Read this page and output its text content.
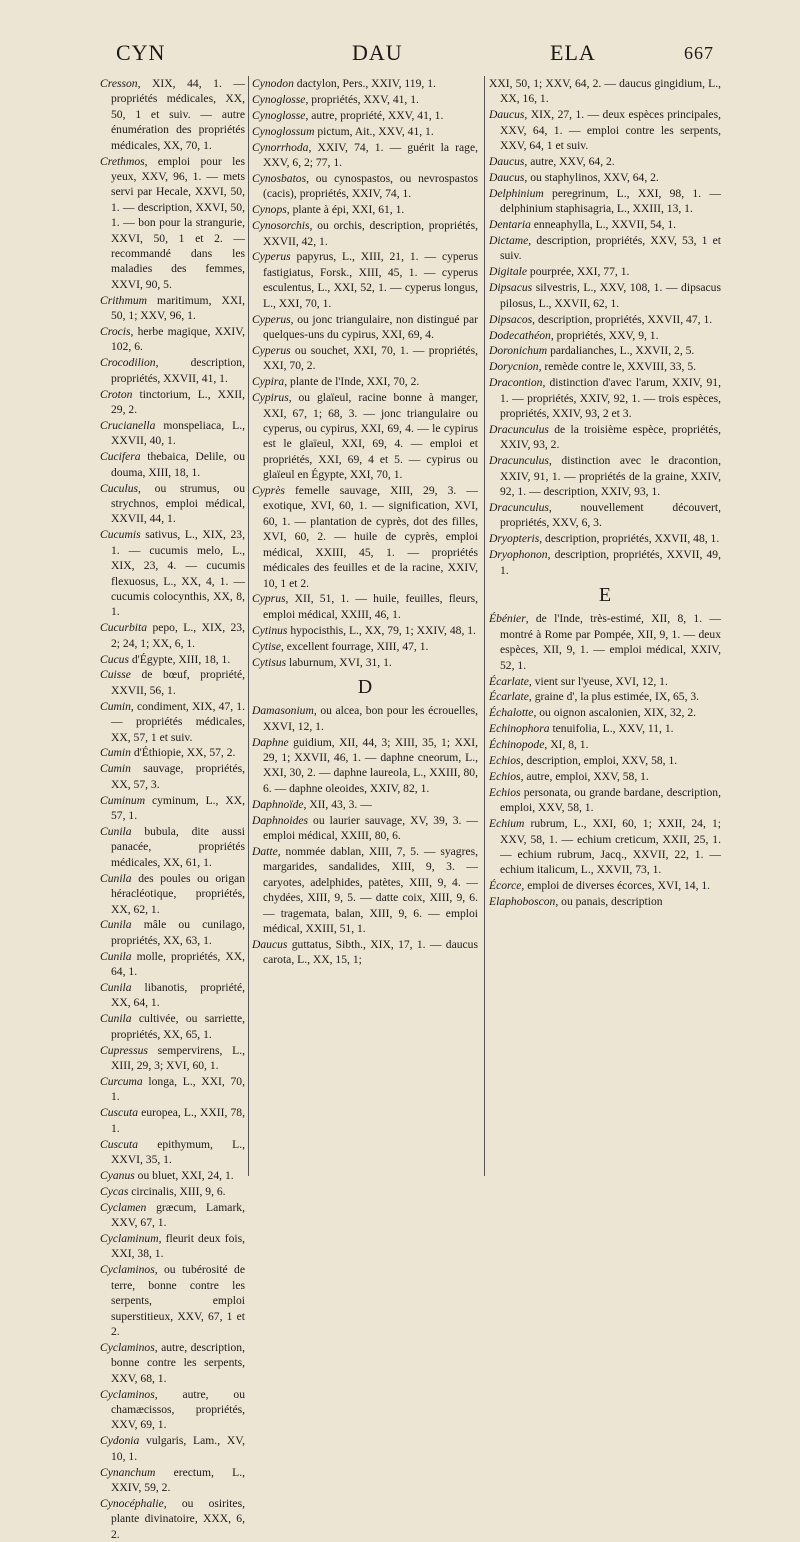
CYN	DAU	ELA	667
Cresson, XIX, 44, 1. — propriétés médicales, XX, 50, 1 et suiv. — autre énumération des propriétés médicales, XX, 70, 1.
Crethmos, emploi pour les yeux, XXV, 96, 1. — mets servi par Hecale, XXVI, 50, 1. — description, XXVI, 50, 1. — bon pour la strangurie, XXVI, 50, 1 et 2. — recommandé dans les maladies des femmes, XXVI, 90, 5.
Crithmum maritimum, XXI, 50, 1; XXV, 96, 1.
Crocis, herbe magique, XXIV, 102, 6.
Crocodilion, description, propriétés, XXVII, 41, 1.
Croton tinctorium, L., XXII, 29, 2.
Crucianella monspeliaca, L., XXVII, 40, 1.
Cucifera thebaica, Delile, ou douma, XIII, 18, 1.
Cuculus, ou strumus, ou strychnos, emploi médical, XXVII, 44, 1.
Cucumis sativus, L., XIX, 23, 1. — cucumis melo, L., XIX, 23, 4. — cucumis flexuosus, L., XX, 4, 1. — cucumis colocynthis, XX, 8, 1.
Cucurbita pepo, L., XIX, 23, 2; 24, 1; XX, 6, 1.
Cucus d'Égypte, XIII, 18, 1.
Cuisse de bœuf, propriété, XXVII, 56, 1.
Cumin, condiment, XIX, 47, 1. — propriétés médicales, XX, 57, 1 et suiv.
Cumin d'Éthiopie, XX, 57, 2.
Cumin sauvage, propriétés, XX, 57, 3.
Cuminum cyminum, L., XX, 57, 1.
Cunila bubula, dite aussi panacée, propriétés médicales, XX, 61, 1.
Cunila des poules ou origan héracléotique, propriétés, XX, 62, 1.
Cunila mâle ou cunilago, propriétés, XX, 63, 1.
Cunila molle, propriétés, XX, 64, 1.
Cunila libanotis, propriété, XX, 64, 1.
Cunila cultivée, ou sarriette, propriétés, XX, 65, 1.
Cupressus sempervirens, L., XIII, 29, 3; XVI, 60, 1.
Curcuma longa, L., XXI, 70, 1.
Cuscuta europea, L., XXII, 78, 1.
Cuscuta epithymum, L., XXVI, 35, 1.
Cyanus ou bluet, XXI, 24, 1.
Cycas circinalis, XIII, 9, 6.
Cyclamen græcum, Lamark, XXV, 67, 1.
Cyclaminum, fleurit deux fois, XXI, 38, 1.
Cyclaminos, ou tubérosité de terre, bonne contre les serpents, emploi superstitieux, XXV, 67, 1 et 2.
Cyclaminos, autre, description, bonne contre les serpents, XXV, 68, 1.
Cyclaminos, autre, ou chamæcissos, propriétés, XXV, 69, 1.
Cydonia vulgaris, Lam., XV, 10, 1.
Cynanchum erectum, L., XXIV, 59, 2.
Cynocéphalie, ou osirites, plante divinatoire, XXX, 6, 2.
Cynodon dactylon, Pers., XXIV, 119, 1.
Cynoglosse, propriétés, XXV, 41, 1.
Cynoglosse, autre, propriété, XXV, 41, 1.
Cynoglossum pictum, Ait., XXV, 41, 1.
Cynorrhoda, XXIV, 74, 1. — guérit la rage, XXV, 6, 2; 77, 1.
Cynosbatos, ou cynospastos, ou nevrospastos (cacis), propriétés, XXIV, 74, 1.
Cynops, plante à épi, XXI, 61, 1.
Cynosorchis, ou orchis, description, propriétés, XXVII, 42, 1.
Cyperus papyrus, L., XIII, 21, 1. — cyperus fastigiatus, Forsk., XIII, 45, 1. — cyperus esculentus, L., XXI, 52, 1. — cyperus longus, L., XXI, 70, 1.
Cyperus, ou jonc triangulaire, non distingué par quelques-uns du cypirus, XXI, 69, 4.
Cyperus ou souchet, XXI, 70, 1. — propriétés, XXI, 70, 2.
Cypira, plante de l'Inde, XXI, 70, 2.
Cypirus, ou glaïeul, racine bonne à manger, XXI, 67, 1; 68, 3. — jonc triangulaire ou cyperus, ou cypirus, XXI, 69, 4. — le cypirus est le glaïeul, XXI, 69, 4. — emploi et propriétés, XXI, 69, 4 et 5. — cypirus ou glaïeul en Égypte, XXI, 70, 1.
Cyprès femelle sauvage, XIII, 29, 3. — exotique, XVI, 60, 1. — signification, XVI, 60, 1. — plantation de cyprès, dot des filles, XVI, 60, 2. — huile de cyprès, emploi médical, XXIII, 45, 1. — propriétés médicales des feuilles et de la racine, XXIV, 10, 1 et 2.
Cyprus, XII, 51, 1. — huile, feuilles, fleurs, emploi médical, XXIII, 46, 1.
Cytinus hypocisthis, L., XX, 79, 1; XXIV, 48, 1.
Cytise, excellent fourrage, XIII, 47, 1.
Cytisus laburnum, XVI, 31, 1.
D
Damasonium, ou alcea, bon pour les écrouelles, XXVI, 12, 1.
Daphne guidium, XII, 44, 3; XIII, 35, 1; XXI, 29, 1; XXVII, 46, 1. — daphne cneorum, L., XXI, 30, 2. — daphne laureola, L., XXIII, 80, 6. — daphne oleoides, XXIV, 82, 1.
Daphnoïde, XII, 43, 3. —
Daphnoides ou laurier sauvage, XV, 39, 3. — emploi médical, XXIII, 80, 6.
Datte, nommée dablan, XIII, 7, 5. — syagres, margarides, sandalides, XIII, 9, 3. — caryotes, adelphides, patètes, XIII, 9, 4. — chydées, XIII, 9, 5. — datte coix, XIII, 9, 6. — tragemata, balan, XIII, 9, 6. — emploi médical, XXIII, 51, 1.
Daucus guttatus, Sibth., XIX, 17, 1. — daucus carota, L., XX, 15, 1;
XXI, 50, 1; XXV, 64, 2. — daucus gingidium, L., XX, 16, 1.
Daucus, XIX, 27, 1. — deux espèces principales, XXV, 64, 1. — emploi contre les serpents, XXV, 64, 1 et suiv.
Daucus, autre, XXV, 64, 2.
Daucus, ou staphylinos, XXV, 64, 2.
Delphinium peregrinum, L., XXI, 98, 1. — delphinium staphisagria, L., XXIII, 13, 1.
Dentaria enneaphylla, L., XXVII, 54, 1.
Dictame, description, propriétés, XXV, 53, 1 et suiv.
Digitale pourprée, XXI, 77, 1.
Dipsacus silvestris, L., XXV, 108, 1. — dipsacus pilosus, L., XXVII, 62, 1.
Dipsacos, description, propriétés, XXVII, 47, 1.
Dodecathéon, propriétés, XXV, 9, 1.
Doronichum pardalianches, L., XXVII, 2, 5.
Dorycnion, remède contre le, XXVIII, 33, 5.
Dracontion, distinction d'avec l'arum, XXIV, 91, 1. — propriétés, XXIV, 92, 1. — trois espèces, propriétés, XXIV, 93, 2 et 3.
Dracunculus de la troisième espèce, propriétés, XXIV, 93, 2.
Dracunculus, distinction avec le dracontion, XXIV, 91, 1. — propriétés de la graine, XXIV, 92, 1. — description, XXIV, 93, 1.
Dracunculus, nouvellement découvert, propriétés, XXV, 6, 3.
Dryopteris, description, propriétés, XXVII, 48, 1.
Dryophonon, description, propriétés, XXVII, 49, 1.
E
Ébénier, de l'Inde, très-estimé, XII, 8, 1. — montré à Rome par Pompée, XII, 9, 1. — deux espèces, XII, 9, 1. — emploi médical, XXIV, 52, 1.
Écarlate, vient sur l'yeuse, XVI, 12, 1.
Écarlate, graine d', la plus estimée, IX, 65, 3.
Échalotte, ou oignon ascalonien, XIX, 32, 2.
Echinophora tenuifolia, L., XXV, 11, 1.
Échinopode, XI, 8, 1.
Echios, description, emploi, XXV, 58, 1.
Echios, autre, emploi, XXV, 58, 1.
Echios personata, ou grande bardane, description, emploi, XXV, 58, 1.
Echium rubrum, L., XXI, 60, 1; XXII, 24, 1; XXV, 58, 1. — echium creticum, XXII, 25, 1. — echium rubrum, Jacq., XXVII, 22, 1. — echium italicum, L., XXVII, 73, 1.
Écorce, emploi de diverses écorces, XVI, 14, 1.
Elaphoboscon, ou panais, description
